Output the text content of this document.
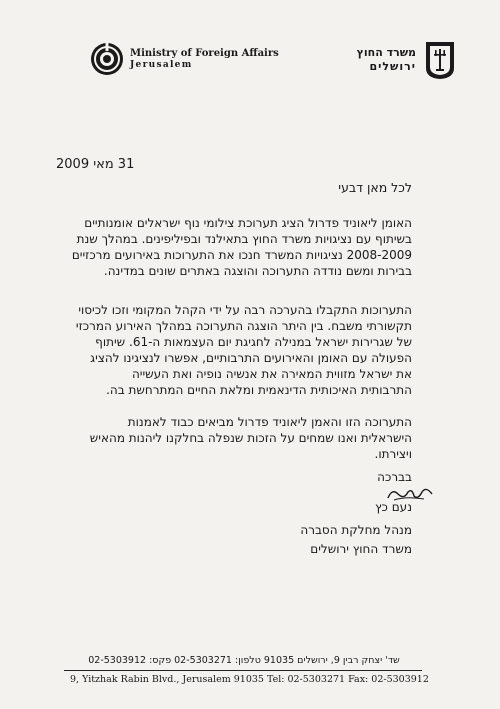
Ministry of Foreign Affairs
Jerusalem
משרד החוץ
ירושלים
31 מאי 2009
לכל מאן דבעי
האומן ליאוניד פדרול הציג תערוכת צילומי נוף ישראלים אומנותיים
בשיתוף עם נציגויות משרד החוץ בתאילנד ובפיליפינים. במהלך שנת
2008-2009 נציגויות המשרד חנכו את התערוכות באירועים מרכזיים
בבירות ומשם נודדה התערוכה והוצגה באתרים שונים במדינה.
התערוכות התקבלו בהערכה רבה על ידי הקהל המקומי וזכו לכיסוי
תקשורתי משבח. בין היתר הוצגה התערוכה במהלך האירוע המרכזי
של שגרירות ישראל במנילה לחגיגת יום העצמאות ה-61. שיתוף
הפעולה עם האומן והאירועים התרבותיים, אפשרו לנציגינו להציג
את ישראל מזווית המאירה את אנשיה נופיה ואת העשייה
התרבותית האיכותית הדינאמית ומלאת החיים המתרחשת בה.
התערוכה הזו והאמן ליאוניד פדרול מביאים כבוד לאמנות
הישראלית ואנו שמחים על הזכות שנפלה בחלקנו ליהנות מהאיש
ויצירתו.
בברכה
נעם כץ
מנהל מחלקת הסברה
משרד החוץ ירושלים
שד' יצחק רבין 9, ירושלים 91035 טלפון: 02-5303271 פקס: 02-5303912
9, Yitzhak Rabin Blvd., Jerusalem 91035 Tel: 02-5303271 Fax: 02-5303912
